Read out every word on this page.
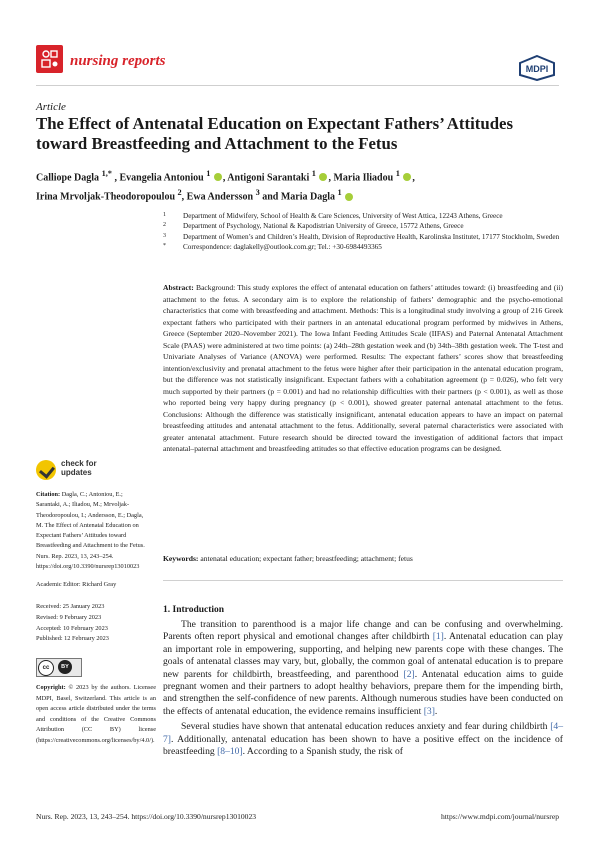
nursing reports	MDPI
Article
The Effect of Antenatal Education on Expectant Fathers’ Attitudes toward Breastfeeding and Attachment to the Fetus
Calliope Dagla $^{1,*}$ , Evangelia Antoniou $^1$ , Antigoni Sarantaki $^1$ , Maria Iliadou $^1$ ,
Irina Mrvoljak-Theodoropoulou $^2$, Ewa Andersson $^3$ and Maria Dagla $^1$
1 Department of Midwifery, School of Health & Care Sciences, University of West Attica, 12243 Athens, Greece
2 Department of Psychology, National & Kapodistrian University of Greece, 15772 Athens, Greece
3 Department of Women’s and Children’s Health, Division of Reproductive Health, Karolinska Institutet, 17177 Stockholm, Sweden
* Correspondence: daglakelly@outlook.com.gr; Tel.: +30-6984493365
Abstract: Background: This study explores the effect of antenatal education on fathers’ attitudes toward: (i) breastfeeding and (ii) attachment to the fetus. A secondary aim is to explore the relationship of fathers’ demographic and the psycho-emotional characteristics that come with breastfeeding and attachment. Methods: This is a longitudinal study involving a group of 216 Greek expectant fathers who participated with their partners in an antenatal educational program performed by midwives in Athens, Greece (September 2020–November 2021). The Iowa Infant Feeding Attitudes Scale (IIFAS) and Paternal Antenatal Attachment Scale (PAAS) were administered at two time points: (a) 24th–28th gestation week and (b) 34th–38th gestation week. The T-test and Univariate Analyses of Variance (ANOVA) were performed. Results: The expectant fathers’ scores show that breastfeeding intention/exclusivity and prenatal attachment to the fetus were higher after their participation in the antenatal education program, but the difference was not statistically insignificant. Expectant fathers with a cohabitation agreement (p = 0.026), who felt very much supported by their partners (p = 0.001) and had no relationship difficulties with their partners (p < 0.001), as well as those who reported being very happy during pregnancy (p < 0.001), showed greater paternal antenatal attachment to the fetus. Conclusions: Although the difference was statistically insignificant, antenatal education appears to have an impact on paternal breastfeeding attitudes and antenatal attachment to the fetus. Additionally, several paternal characteristics were associated with greater antenatal attachment. Future research should be directed toward the investigation of additional factors that impact antenatal–paternal attachment and breastfeeding attitudes so that effective education programs can be designed.
Keywords: antenatal education; expectant father; breastfeeding; attachment; fetus
1. Introduction

The transition to parenthood is a major life change and can be confusing and overwhelming. Parents often report physical and emotional changes after childbirth [1]. Antenatal education can play an important role in empowering, supporting, and helping new parents cope with these changes. The goals of antenatal classes may vary, but, globally, the common goal of antenatal education is to prepare new parents for childbirth, breastfeeding, and parenthood [2]. Antenatal education aims to guide pregnant women and their partners to adopt healthy behaviors, prepare them for the impending birth, and strengthen the self-confidence of new parents. Although numerous studies have been conducted on the effects of antenatal education, the evidence remains insufficient [3].

Several studies have shown that antenatal education reduces anxiety and fear during childbirth [4–7]. Additionally, antenatal education has been shown to have a positive effect on the incidence of breastfeeding [8–10]. According to a Spanish study, the risk of

check for
updates
Citation: Dagla, C.; Antoniou, E.; Sarantaki, A.; Iliadou, M.; Mrvoljak-Theodoropoulou, I.; Andersson, E.; Dagla, M. The Effect of Antenatal Education on Expectant Fathers’ Attitudes toward Breastfeeding and Attachment to the Fetus. Nurs. Rep. 2023, 13, 243–254. https://doi.org/10.3390/nursrep13010023
Academic Editor: Richard Gray
Received: 25 January 2023
Revised: 9 February 2023
Accepted: 10 February 2023
Published: 12 February 2023
cc	BY
Copyright: © 2023 by the authors. Licensee MDPI, Basel, Switzerland. This article is an open access article distributed under the terms and conditions of the Creative Commons Attribution (CC BY) license (https://creativecommons.org/licenses/by/4.0/).
Nurs. Rep. 2023, 13, 243–254. https://doi.org/10.3390/nursrep13010023	https://www.mdpi.com/journal/nursrep
